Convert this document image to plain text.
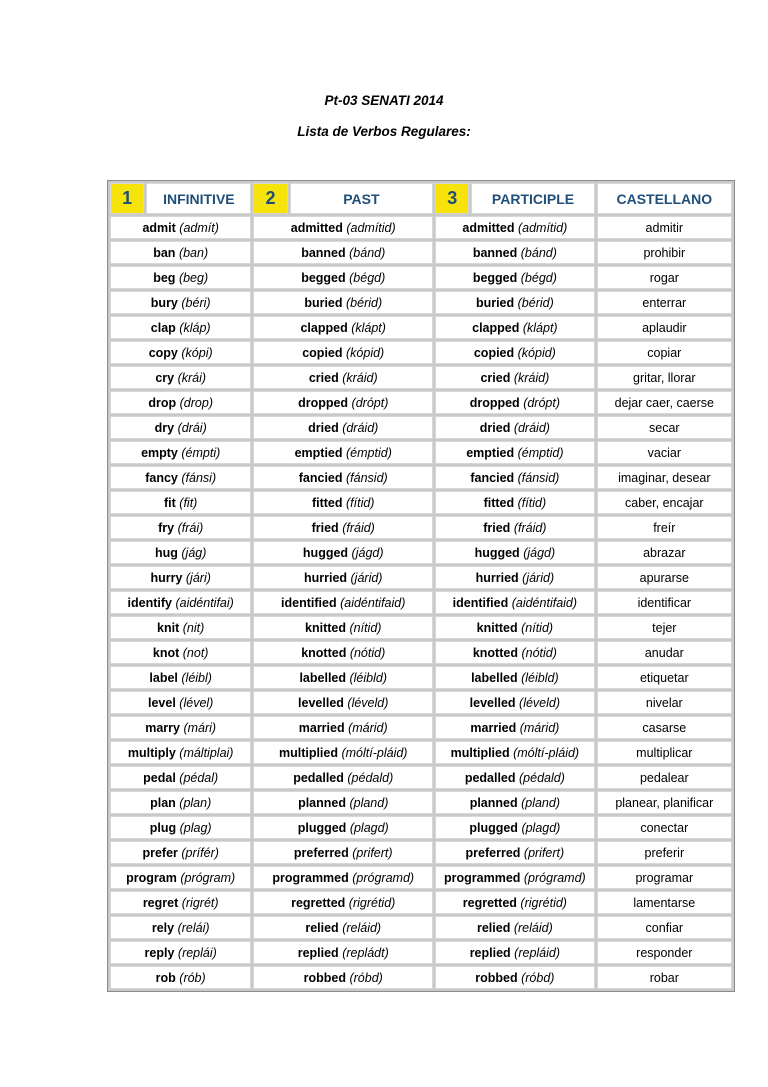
Pt-03 SENATI 2014
Lista de Verbos Regulares:
1	INFINITIVE	2	PAST	3	PARTICIPLE	CASTELLANO
admit (admít)		admitted (admítid)		admitted (admítid)		admitir
ban (ban)		banned (bánd)		banned (bánd)		prohibir
beg (beg)		begged (bégd)		begged (bégd)		rogar
bury (béri)		buried (bérid)		buried (bérid)		enterrar
clap (kláp)		clapped (klápt)		clapped (klápt)		aplaudir
copy (kópi)		copied (kópid)		copied (kópid)		copiar
cry (krái)		cried (kráid)		cried (kráid)		gritar, llorar
drop (drop)		dropped (drópt)		dropped (drópt)		dejar caer, caerse
dry (drái)		dried (dráid)		dried (dráid)		secar
empty (émpti)		emptied (émptid)		emptied (émptid)		vaciar
fancy (fánsi)		fancied (fánsid)		fancied (fánsid)		imaginar, desear
fit (fit)		fitted (fítid)		fitted (fítid)		caber, encajar
fry (frái)		fried (fráid)		fried (fráid)		freír
hug (jág)		hugged (jágd)		hugged (jágd)		abrazar
hurry (jári)		hurried (járid)		hurried (járid)		apurarse
identify (aidéntifai)		identified (aidéntifaid)		identified (aidéntifaid)		identificar
knit (nit)		knitted (nítid)		knitted (nítid)		tejer
knot (not)		knotted (nótid)		knotted (nótid)		anudar
label (léibl)		labelled (léibld)		labelled (léibld)		etiquetar
level (lével)		levelled (léveld)		levelled (léveld)		nivelar
marry (mári)		married (márid)		married (márid)		casarse
multiply (máltiplai)		multiplied (móltí-pláid)		multiplied (móltí-pláid)		multiplicar
pedal (pédal)		pedalled (pédald)		pedalled (pédald)		pedalear
plan (plan)		planned (pland)		planned (pland)		planear, planificar
plug (plag)		plugged (plagd)		plugged (plagd)		conectar
prefer (prífér)		preferred (prifert)		preferred (prifert)		preferir
program (prógram)		programmed (prógramd)		programmed (prógramd)		programar
regret (rigrét)		regretted (rigrétid)		regretted (rigrétid)		lamentarse
rely (relái)		relied (reláid)		relied (reláid)		confiar
reply (replái)		replied (repládt)		replied (repláid)		responder
rob (rób)		robbed (róbd)		robbed (róbd)		robar
